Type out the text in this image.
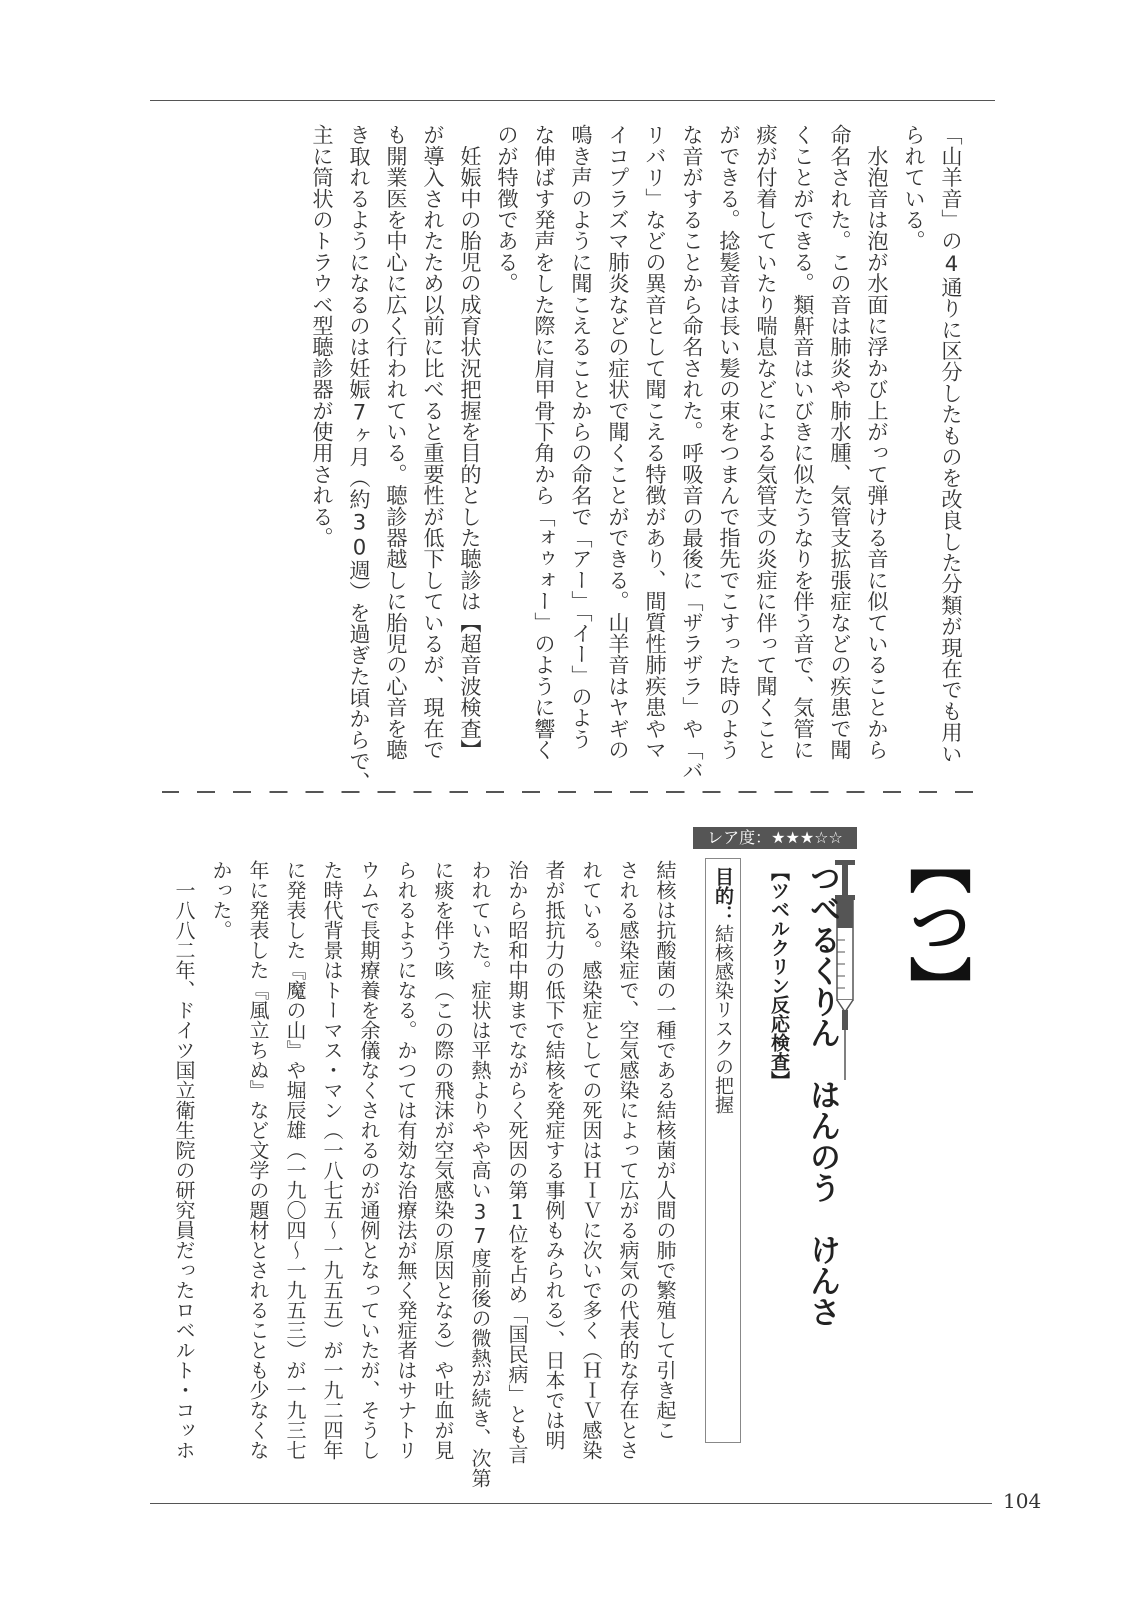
「山羊音」の4通りに区分したものを改良した分類が現在でも用い
られている。
　水泡音は泡が水面に浮かび上がって弾ける音に似ていることから
命名された。この音は肺炎や肺水腫、気管支拡張症などの疾患で聞
くことができる。類鼾音はいびきに似たうなりを伴う音で、気管に
痰が付着していたり喘息などによる気管支の炎症に伴って聞くこと
ができる。捻髪音は長い髪の束をつまんで指先でこすった時のよう
な音がすることから命名された。呼吸音の最後に「ザラザラ」や「バ
リバリ」などの異音として聞こえる特徴があり、間質性肺疾患やマ
イコプラズマ肺炎などの症状で聞くことができる。山羊音はヤギの
鳴き声のように聞こえることからの命名で「アー」「イー」のよう
な伸ばす発声をした際に肩甲骨下角から「ォゥォー」のように響く
のが特徴である。
　妊娠中の胎児の成育状況把握を目的とした聴診は【超音波検査】
が導入されたため以前に比べると重要性が低下しているが、現在で
も開業医を中心に広く行われている。聴診器越しに胎児の心音を聴
き取れるようになるのは妊娠7ヶ月（約30週）を過ぎた頃からで、
主に筒状のトラウベ型聴診器が使用される。
【つ】
レア度：★★★☆☆
つべるくりん　はんのう　けんさ
【ツベルクリン反応検査】
目的：結核感染リスクの把握
結核は抗酸菌の一種である結核菌が人間の肺で繁殖して引き起こ
される感染症で、空気感染によって広がる病気の代表的な存在とさ
れている。感染症としての死因はＨＩＶに次いで多く（ＨＩＶ感染
者が抵抗力の低下で結核を発症する事例もみられる）、日本では明
治から昭和中期までながらく死因の第1位を占め「国民病」とも言
われていた。症状は平熱よりやや高い37度前後の微熱が続き、次第
に痰を伴う咳（この際の飛沫が空気感染の原因となる）や吐血が見
られるようになる。かつては有効な治療法が無く発症者はサナトリ
ウムで長期療養を余儀なくされるのが通例となっていたが、そうし
た時代背景はトーマス・マン（一八七五〜一九五五）が一九二四年
に発表した『魔の山』や堀辰雄（一九〇四〜一九五三）が一九三七
年に発表した『風立ちぬ』など文学の題材とされることも少なくな
かった。
　一八八二年、ドイツ国立衛生院の研究員だったロベルト・コッホ
104
